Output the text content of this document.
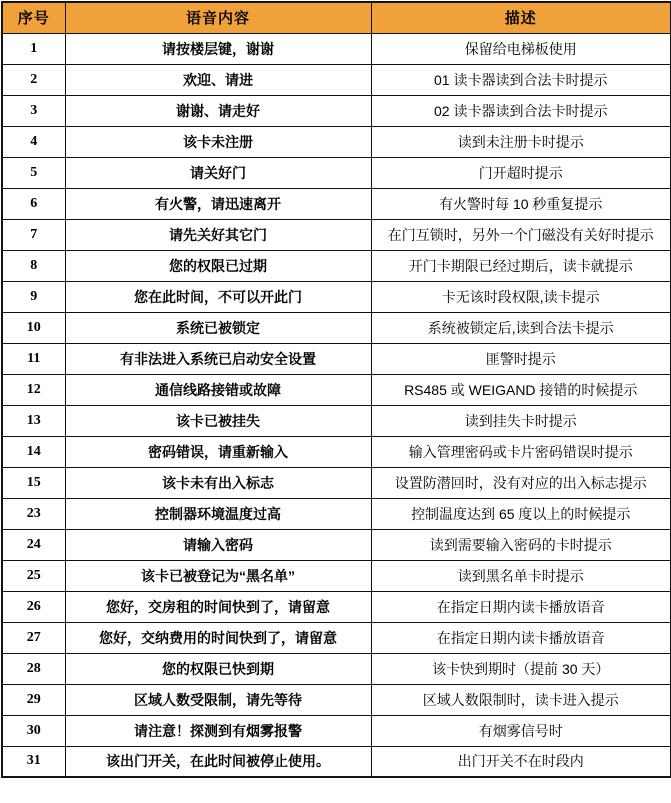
序号	语音内容	描述
1	请按楼层键，谢谢	保留给电梯板使用
2	欢迎、请进	01 读卡器读到合法卡时提示
3	谢谢、请走好	02 读卡器读到合法卡时提示
4	该卡未注册	读到未注册卡时提示
5	请关好门	门开超时提示
6	有火警，请迅速离开	有火警时每 10 秒重复提示
7	请先关好其它门	在门互锁时，另外一个门磁没有关好时提示
8	您的权限已过期	开门卡期限已经过期后，读卡就提示
9	您在此时间，不可以开此门	卡无该时段权限,读卡提示
10	系统已被锁定	系统被锁定后,读到合法卡提示
11	有非法进入系统已启动安全设置	匪警时提示
12	通信线路接错或故障	RS485 或 WEIGAND 接错的时候提示
13	该卡已被挂失	读到挂失卡时提示
14	密码错误，请重新输入	输入管理密码或卡片密码错误时提示
15	该卡未有出入标志	设置防潜回时，没有对应的出入标志提示
23	控制器环境温度过高	控制温度达到 65 度以上的时候提示
24	请输入密码	读到需要输入密码的卡时提示
25	该卡已被登记为“黑名单”	读到黑名单卡时提示
26	您好，交房租的时间快到了，请留意	在指定日期内读卡播放语音
27	您好，交纳费用的时间快到了，请留意	在指定日期内读卡播放语音
28	您的权限已快到期	该卡快到期时（提前 30 天）
29	区域人数受限制，请先等待	区域人数限制时，读卡进入提示
30	请注意！探测到有烟雾报警	有烟雾信号时
31	该出门开关，在此时间被停止使用。	出门开关不在时段内
